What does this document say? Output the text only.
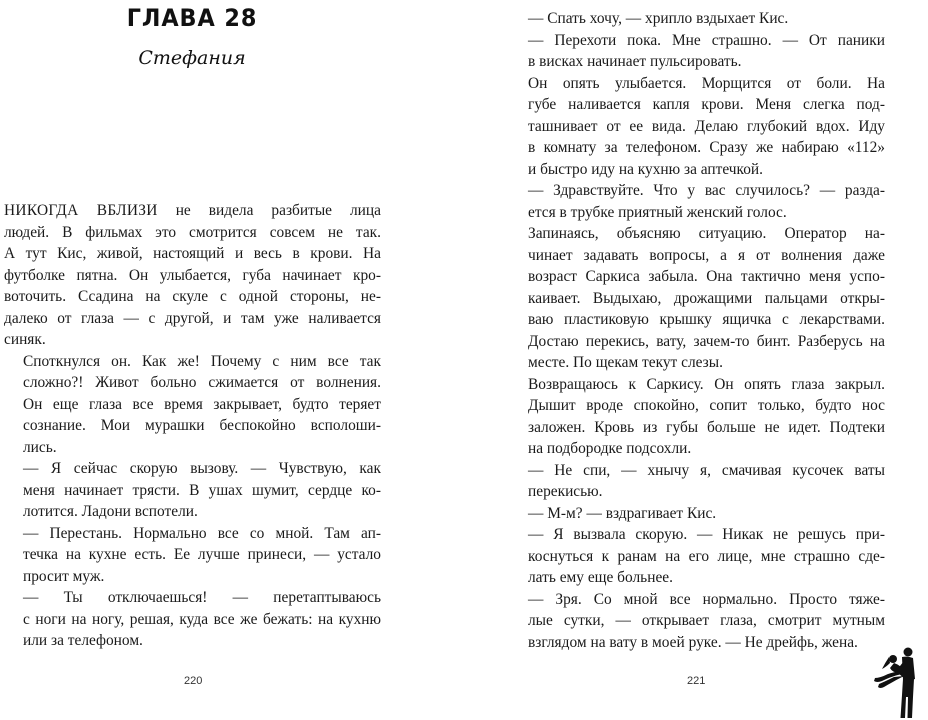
ГЛАВА 28
Стефания
НИКОГДА ВБЛИЗИ не видела разбитые лица
людей. В фильмах это смотрится совсем не так.
А тут Кис, живой, настоящий и весь в крови. На
футболке пятна. Он улыбается, губа начинает кро-
воточить. Ссадина на скуле с одной стороны, не-
далеко от глаза — с другой, и там уже наливается
синяк.
Споткнулся он. Как же! Почему с ним все так
сложно?! Живот больно сжимается от волнения.
Он еще глаза все время закрывает, будто теряет
сознание. Мои мурашки беспокойно всполоши-
лись.
— Я сейчас скорую вызову. — Чувствую, как
меня начинает трясти. В ушах шумит, сердце ко-
лотится. Ладони вспотели.
— Перестань. Нормально все со мной. Там ап-
течка на кухне есть. Ее лучше принеси, — устало
просит муж.
— Ты отключаешься! — перетаптываюсь
с ноги на ногу, решая, куда все же бежать: на кухню
или за телефоном.
220
— Спать хочу, — хрипло вздыхает Кис.
— Перехоти пока. Мне страшно. — От паники
в висках начинает пульсировать.
Он опять улыбается. Морщится от боли. На
губе наливается капля крови. Меня слегка под-
ташнивает от ее вида. Делаю глубокий вдох. Иду
в комнату за телефоном. Сразу же набираю «112»
и быстро иду на кухню за аптечкой.
— Здравствуйте. Что у вас случилось? — разда-
ется в трубке приятный женский голос.
Запинаясь, объясняю ситуацию. Оператор на-
чинает задавать вопросы, а я от волнения даже
возраст Саркиса забыла. Она тактично меня успо-
каивает. Выдыхаю, дрожащими пальцами откры-
ваю пластиковую крышку ящичка с лекарствами.
Достаю перекись, вату, зачем-то бинт. Разберусь на
месте. По щекам текут слезы.
Возвращаюсь к Саркису. Он опять глаза закрыл.
Дышит вроде спокойно, сопит только, будто нос
заложен. Кровь из губы больше не идет. Подтеки
на подбородке подсохли.
— Не спи, — хнычу я, смачивая кусочек ваты
перекисью.
— М-м? — вздрагивает Кис.
— Я вызвала скорую. — Никак не решусь при-
коснуться к ранам на его лице, мне страшно сде-
лать ему еще больнее.
— Зря. Со мной все нормально. Просто тяже-
лые сутки, — открывает глаза, смотрит мутным
взглядом на вату в моей руке. — Не дрейфь, жена.
221
